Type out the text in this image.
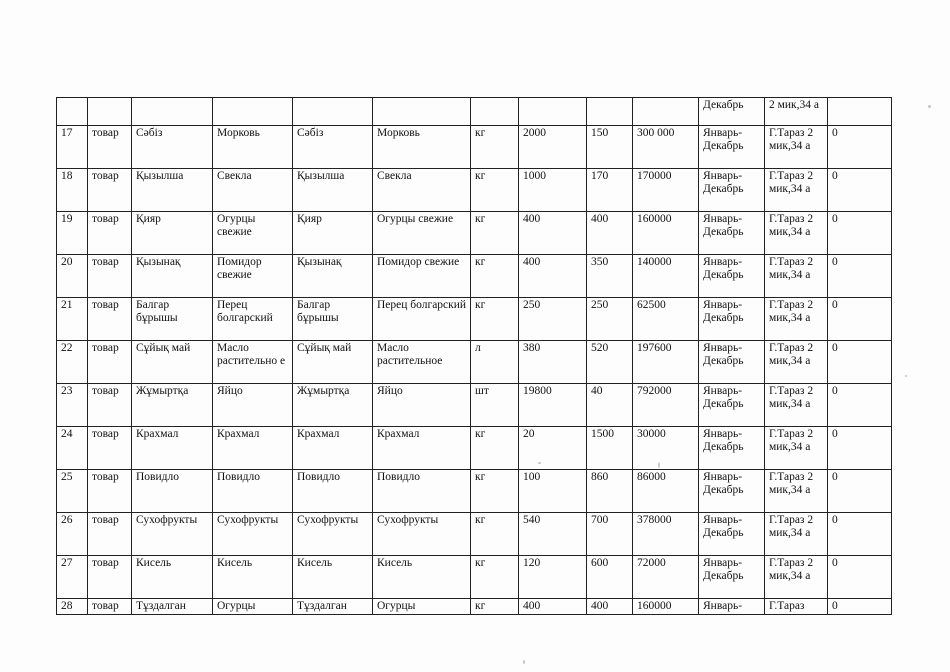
										Декабрь	2 мик,34 а	
17	товар	Сәбіз	Морковь	Сәбіз	Морковь	кг	2000	150	300 000	Январь-Декабрь	Г.Тараз 2 мик,34 а	0
18	товар	Қызылша	Свекла	Қызылша	Свекла	кг	1000	170	170000	Январь-Декабрь	Г.Тараз 2 мик,34 а	0
19	товар	Қияр	Огурцы свежие	Қияр	Огурцы свежие	кг	400	400	160000	Январь-Декабрь	Г.Тараз 2 мик,34 а	0
20	товар	Қызынақ	Помидор свежие	Қызынақ	Помидор свежие	кг	400	350	140000	Январь-Декабрь	Г.Тараз 2 мик,34 а	0
21	товар	Балгар бұрышы	Перец болгарский	Балгар бұрышы	Перец болгарский	кг	250	250	62500	Январь-Декабрь	Г.Тараз 2 мик,34 а	0
22	товар	Сұйық май	Масло растительно е	Сұйық май	Масло растительное	л	380	520	197600	Январь-Декабрь	Г.Тараз 2 мик,34 а	0
23	товар	Жұмыртқа	Яйцо	Жұмыртқа	Яйцо	шт	19800	40	792000	Январь-Декабрь	Г.Тараз 2 мик,34 а	0
24	товар	Крахмал	Крахмал	Крахмал	Крахмал	кг	20	1500	30000	Январь-Декабрь	Г.Тараз 2 мик,34 а	0
25	товар	Повидло	Повидло	Повидло	Повидло	кг	100	860	86000	Январь-Декабрь	Г.Тараз 2 мик,34 а	0
26	товар	Сухофрукты	Сухофрукты	Сухофрукты	Сухофрукты	кг	540	700	378000	Январь-Декабрь	Г.Тараз 2 мик,34 а	0
27	товар	Кисель	Кисель	Кисель	Кисель	кг	120	600	72000	Январь-Декабрь	Г.Тараз 2 мик,34 а	0
28	товар	Тұздалган	Огурцы	Тұздалган	Огурцы	кг	400	400	160000	Январь-	Г.Тараз	0
